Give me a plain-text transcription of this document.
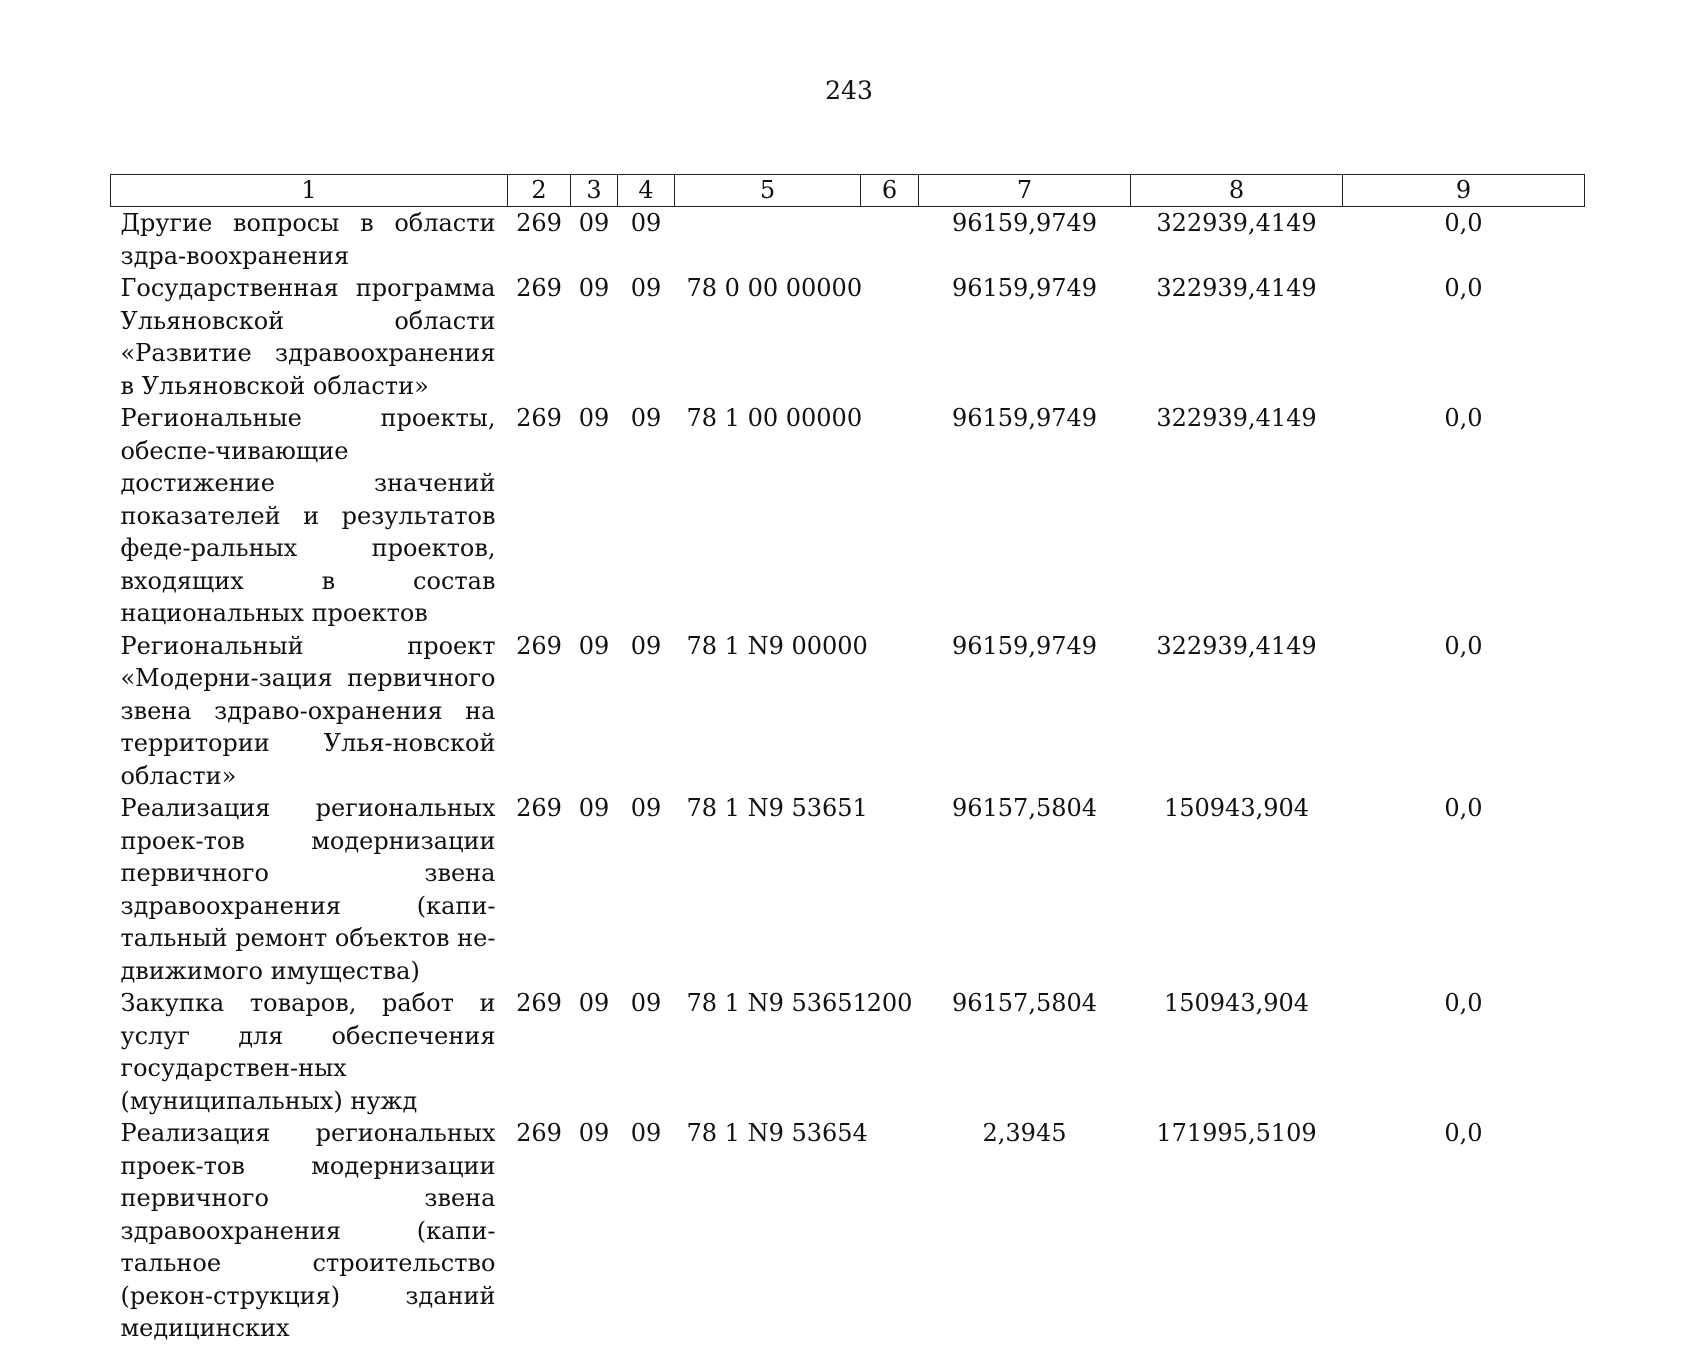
243
1	2	3	4	5	6	7	8	9
Другие вопросы в области здра-воохранения	269	09	09			96159,9749	322939,4149	0,0
Государственная программа Ульяновской области «Развитие здравоохранения в Ульяновской области»	269	09	09	78 0 00 00000		96159,9749	322939,4149	0,0
Региональные проекты, обеспе-чивающие достижение значений показателей и результатов феде-ральных проектов, входящих в состав национальных проектов	269	09	09	78 1 00 00000		96159,9749	322939,4149	0,0
Региональный проект «Модерни-зация первичного звена здраво-охранения на территории Улья-новской области»	269	09	09	78 1 N9 00000		96159,9749	322939,4149	0,0
Реализация региональных проек-тов модернизации первичного звена здравоохранения (капи-тальный ремонт объектов не-движимого имущества)	269	09	09	78 1 N9 53651		96157,5804	150943,904	0,0
Закупка товаров, работ и услуг для обеспечения государствен-ных (муниципальных) нужд	269	09	09	78 1 N9 53651	200	96157,5804	150943,904	0,0
Реализация региональных проек-тов модернизации первичного звена здравоохранения (капи-тальное строительство (рекон-струкция) зданий медицинских	269	09	09	78 1 N9 53654		2,3945	171995,5109	0,0
